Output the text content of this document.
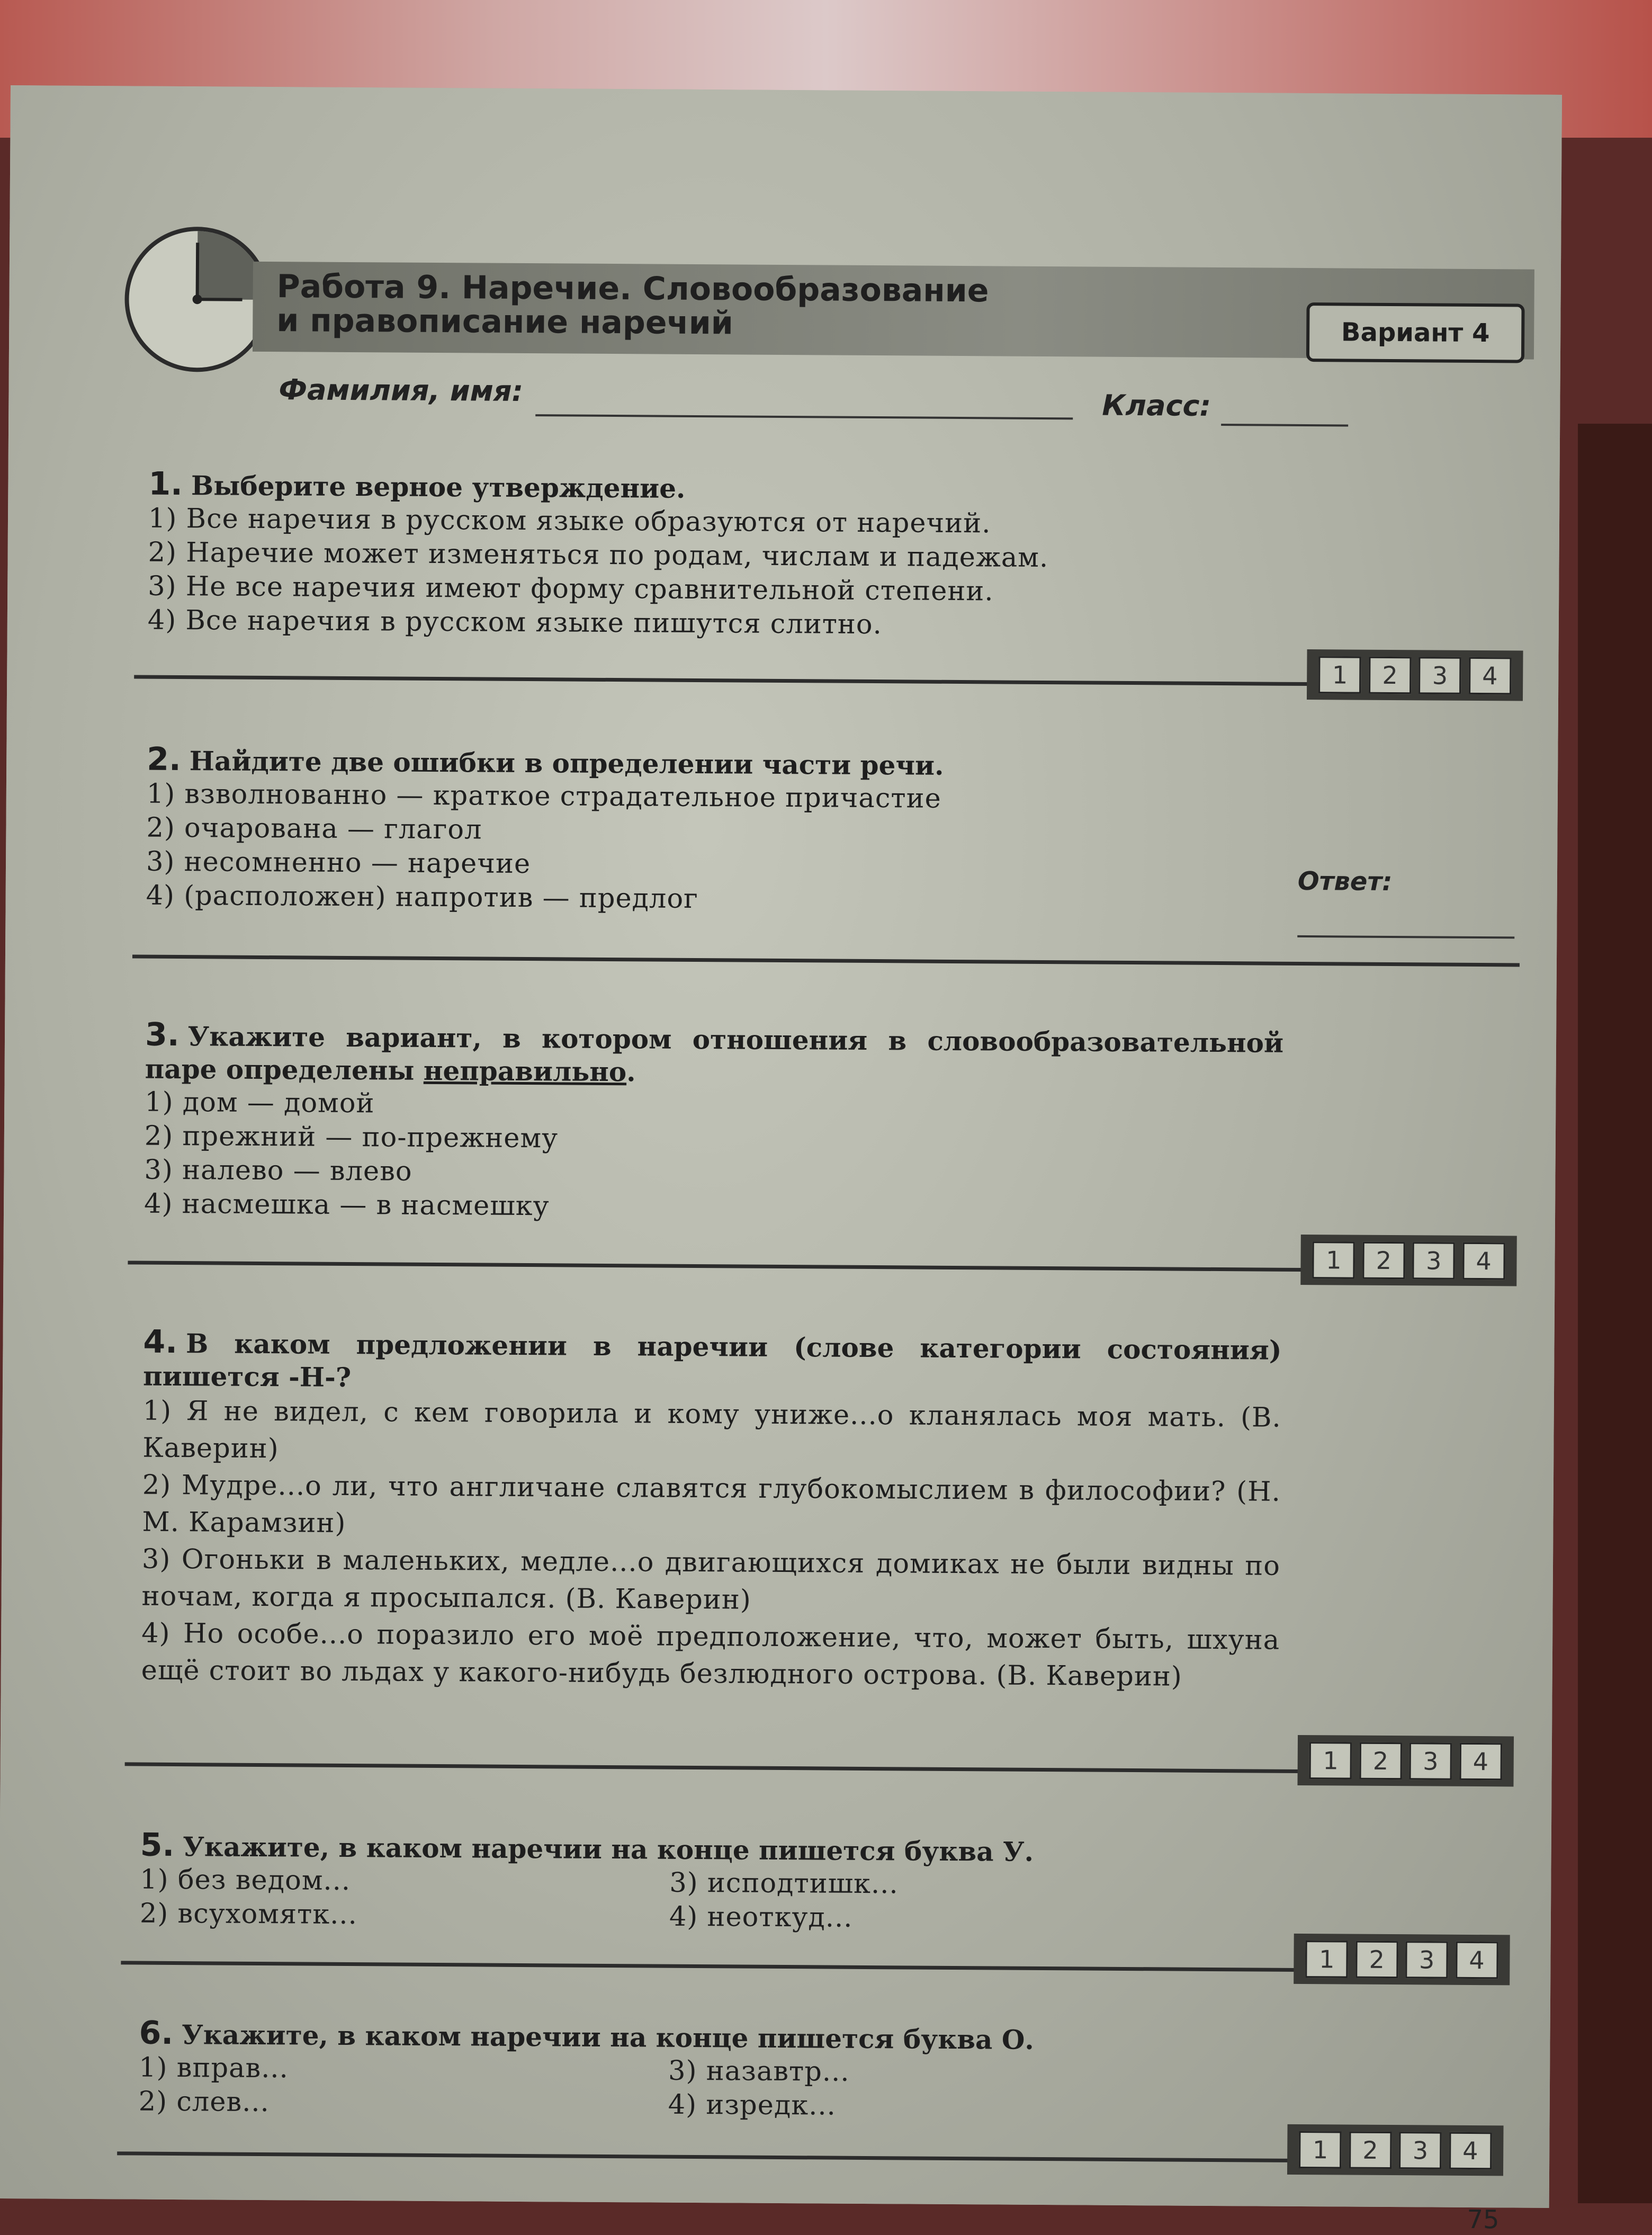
Работа 9. Наречие. Словообразование
и правописание наречий	Вариант 4
Фамилия, имя:	Класс:
1. Выберите верное утверждение.
1) Все наречия в русском языке образуются от наречий.
2) Наречие может изменяться по родам, числам и падежам.
3) Не все наречия имеют форму сравнительной степени.
4) Все наречия в русском языке пишутся слитно.
1	2	3	4
2. Найдите две ошибки в определении части речи.
1) взволнованно — краткое страдательное причастие
2) очарована — глагол
3) несомненно — наречие
4) (расположен) напротив — предлог	Ответ:
3. Укажите вариант, в котором отношения в словообразовательной паре определены неправильно.
1) дом — домой
2) прежний — по-прежнему
3) налево — влево
4) насмешка — в насмешку
1	2	3	4
4. В каком предложении в наречии (слове категории состояния) пишется -Н-?
1) Я не видел, с кем говорила и кому униже...о кланялась моя мать. (В. Каверин)
2) Мудре...о ли, что англичане славятся глубокомыслием в философии? (Н. М. Карамзин)
3) Огоньки в маленьких, медле...о двигающихся домиках не были видны по ночам, когда я просыпался. (В. Каверин)
4) Но особе...о поразило его моё предположение, что, может быть, шхуна ещё стоит во льдах у какого-нибудь безлюдного острова. (В. Каверин)
1	2	3	4
5. Укажите, в каком наречии на конце пишется буква У.
1) без ведом...
2) всухомятк...
3) исподтишк...
4) неоткуд...
1	2	3	4
6. Укажите, в каком наречии на конце пишется буква О.
1) вправ...
2) слев...
3) назавтр...
4) изредк...
1	2	3	4
75
